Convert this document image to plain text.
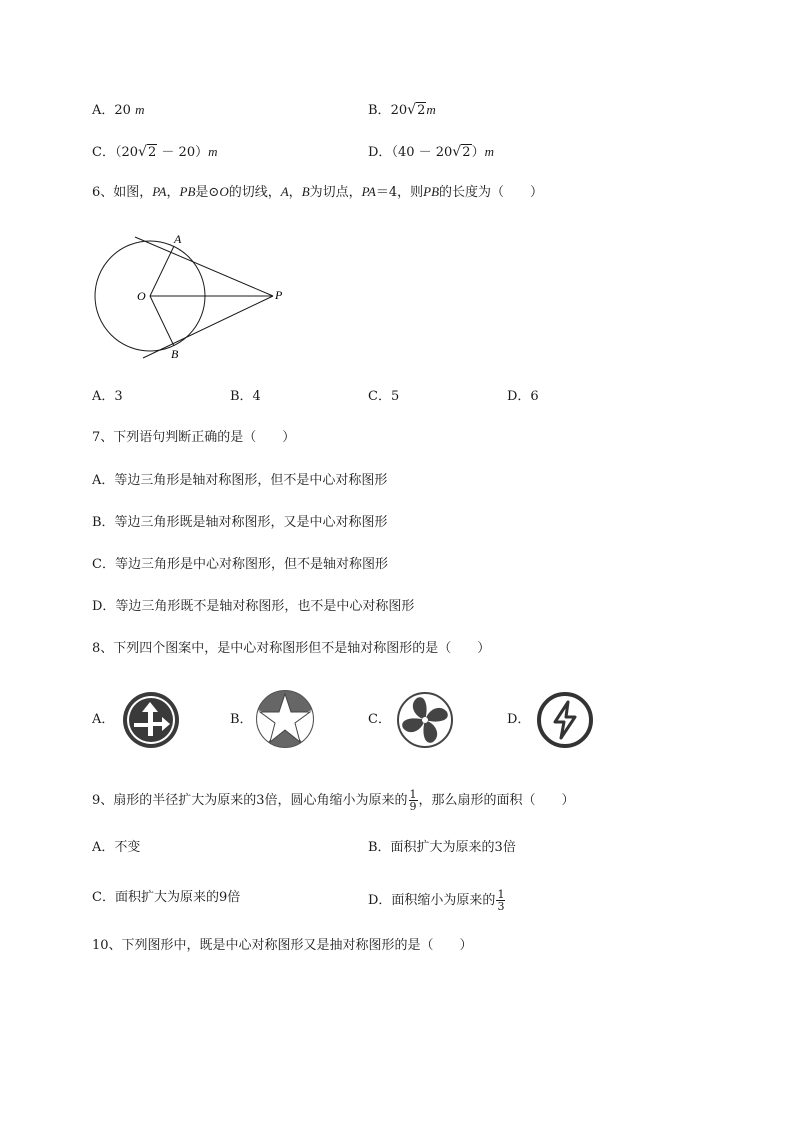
A．20 m	B．20 √ 2m
C．（20 √ 2 － 20）m	D．（40 － 20 √ 2）m
6、如图，PA，PB是⊙O的切线，A，B为切点，PA＝4，则PB的长度为（　　）
A
O	P
B
A．3	B．4	C．5	D．6
7、下列语句判断正确的是（　　）
A．等边三角形是轴对称图形，但不是中心对称图形
B．等边三角形既是轴对称图形，又是中心对称图形
C．等边三角形是中心对称图形，但不是轴对称图形
D．等边三角形既不是轴对称图形，也不是中心对称图形
8、下列四个图案中，是中心对称图形但不是轴对称图形的是（　　）
A．	B．	C．	D．
9、扇形的半径扩大为原来的3倍，圆心角缩小为原来的 $\frac{1}{9}$ ，那么扇形的面积（　　）
A．不变	B．面积扩大为原来的3倍
C．面积扩大为原来的9倍	D．面积缩小为原来的 $\frac{1}{3}$
10、下列图形中，既是中心对称图形又是抽对称图形的是（　　）
